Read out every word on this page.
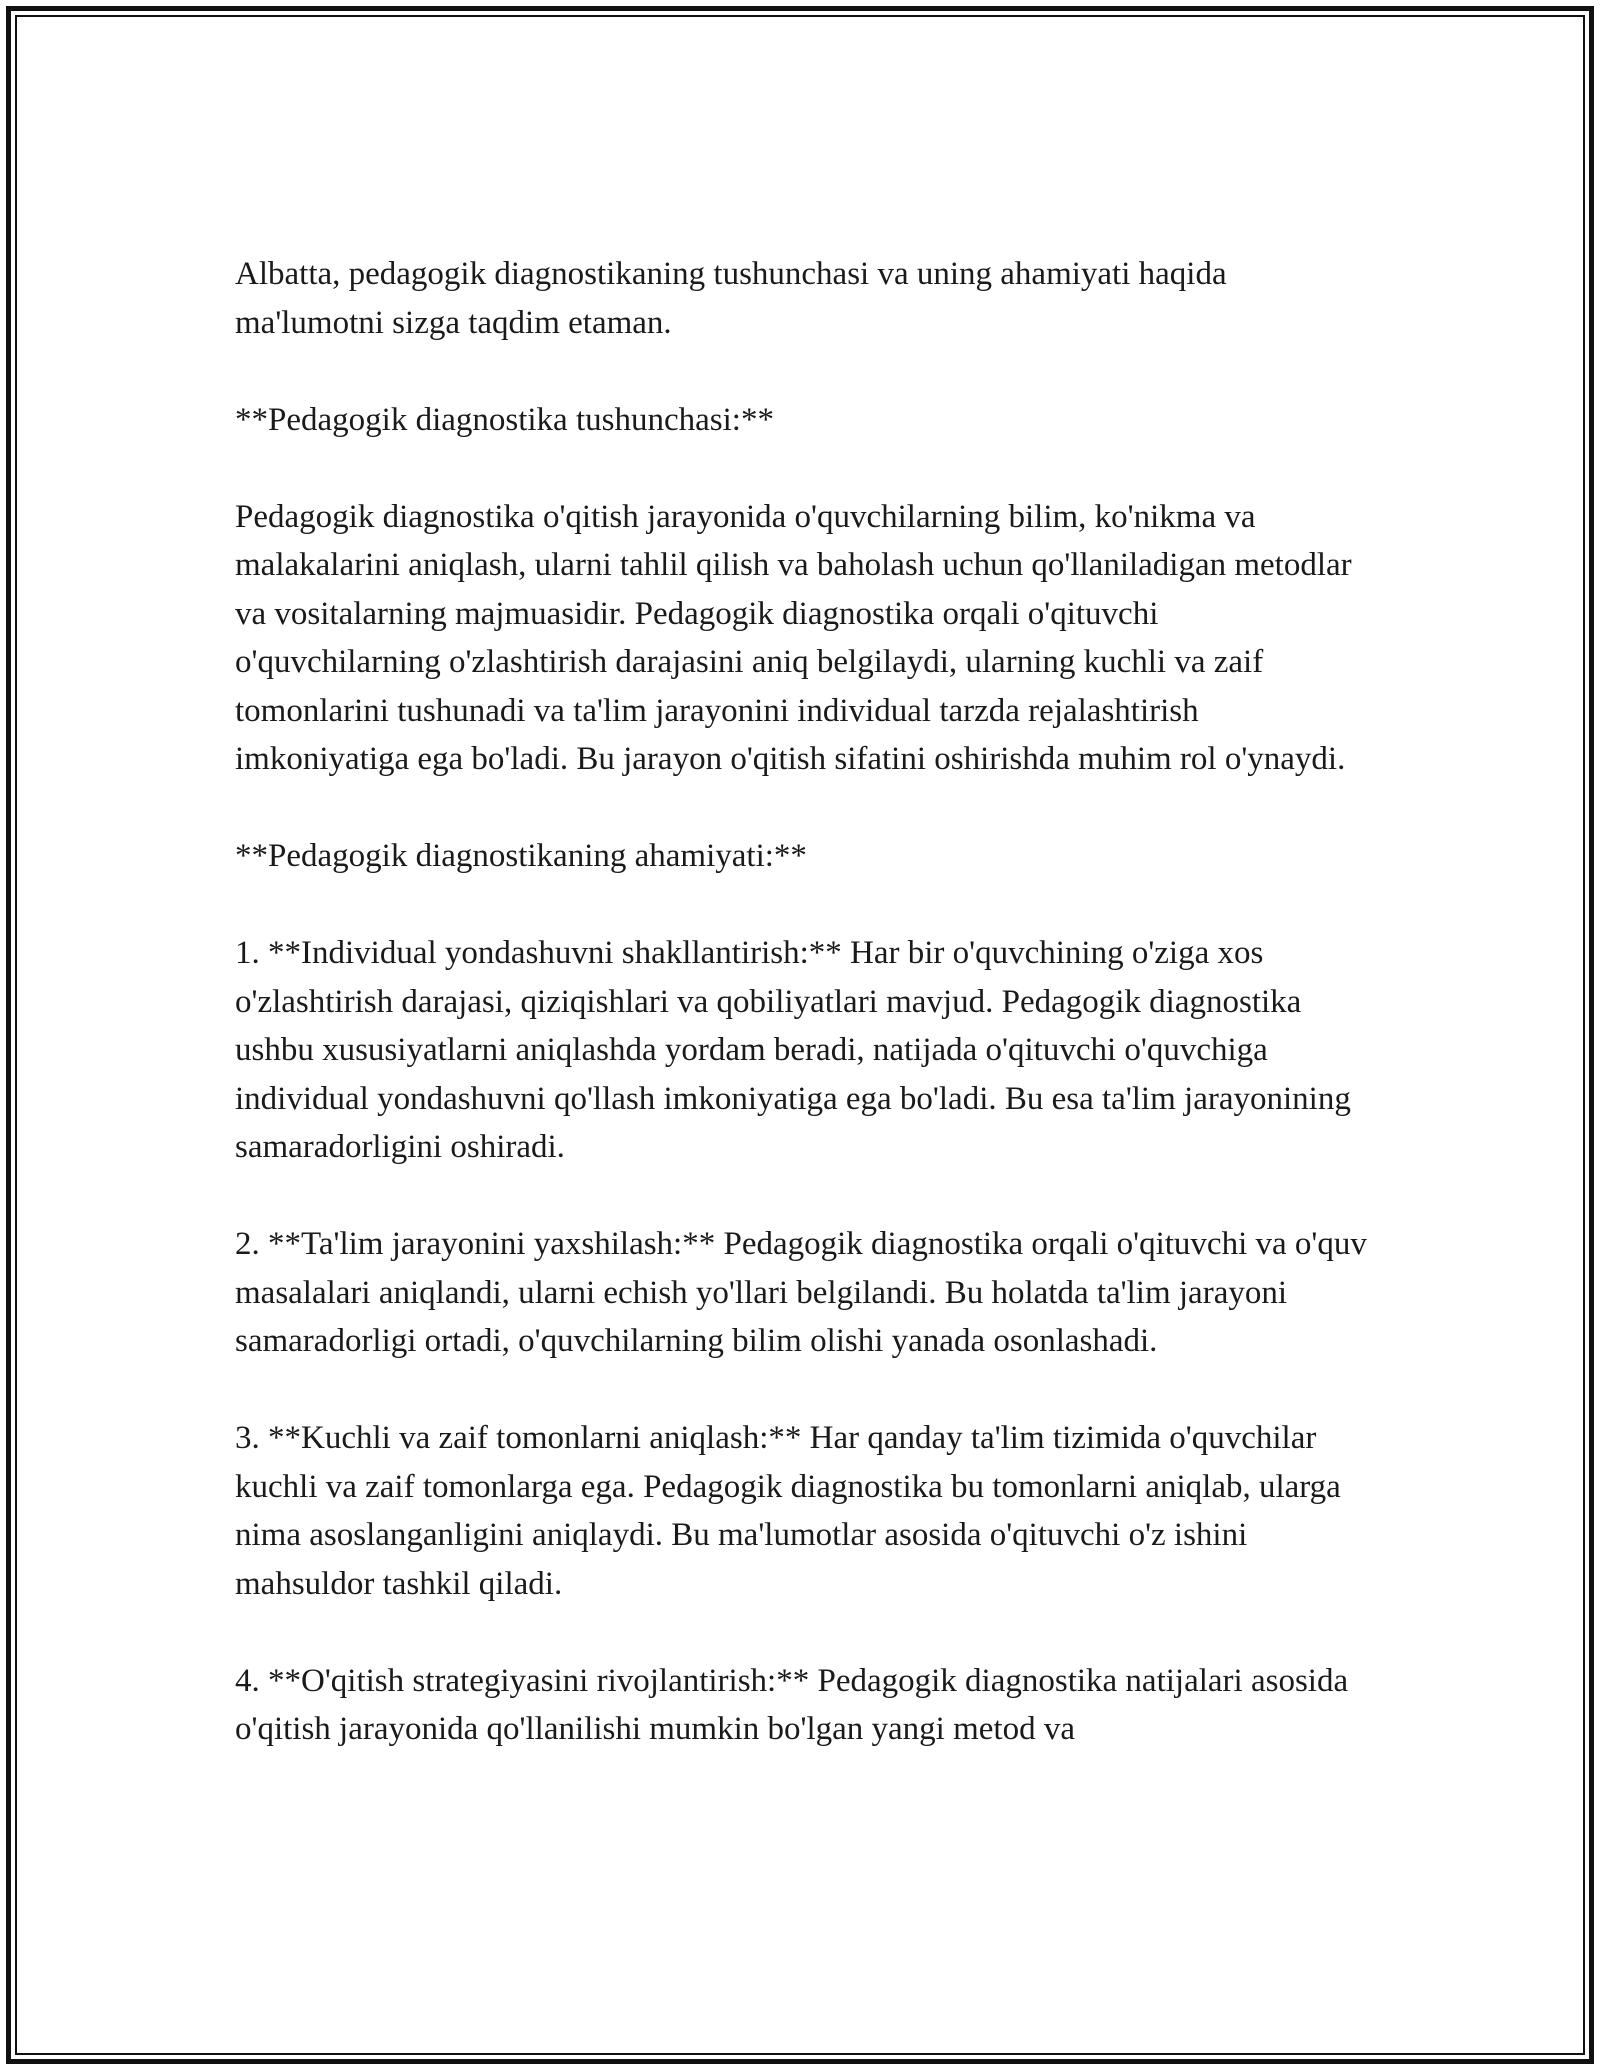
Albatta, pedagogik diagnostikaning tushunchasi va uning ahamiyati haqida ma'lumotni sizga taqdim etaman.

**Pedagogik diagnostika tushunchasi:**

Pedagogik diagnostika o'qitish jarayonida o'quvchilarning bilim, ko'nikma va malakalarini aniqlash, ularni tahlil qilish va baholash uchun qo'llaniladigan metodlar va vositalarning majmuasidir. Pedagogik diagnostika orqali o'qituvchi o'quvchilarning o'zlashtirish darajasini aniq belgilaydi, ularning kuchli va zaif tomonlarini tushunadi va ta'lim jarayonini individual tarzda rejalashtirish imkoniyatiga ega bo'ladi. Bu jarayon o'qitish sifatini oshirishda muhim rol o'ynaydi.

**Pedagogik diagnostikaning ahamiyati:**

1. **Individual yondashuvni shakllantirish:** Har bir o'quvchining o'ziga xos o'zlashtirish darajasi, qiziqishlari va qobiliyatlari mavjud. Pedagogik diagnostika ushbu xususiyatlarni aniqlashda yordam beradi, natijada o'qituvchi o'quvchiga individual yondashuvni qo'llash imkoniyatiga ega bo'ladi. Bu esa ta'lim jarayonining samaradorligini oshiradi.

2. **Ta'lim jarayonini yaxshilash:** Pedagogik diagnostika orqali o'qituvchi va o'quv masalalari aniqlandi, ularni echish yo'llari belgilandi. Bu holatda ta'lim jarayoni samaradorligi ortadi, o'quvchilarning bilim olishi yanada osonlashadi.

3. **Kuchli va zaif tomonlarni aniqlash:** Har qanday ta'lim tizimida o'quvchilar kuchli va zaif tomonlarga ega. Pedagogik diagnostika bu tomonlarni aniqlab, ularga nima asoslanganligini aniqlaydi. Bu ma'lumotlar asosida o'qituvchi o'z ishini mahsuldor tashkil qiladi.

4. **O'qitish strategiyasini rivojlantirish:** Pedagogik diagnostika natijalari asosida o'qitish jarayonida qo'llanilishi mumkin bo'lgan yangi metod va
